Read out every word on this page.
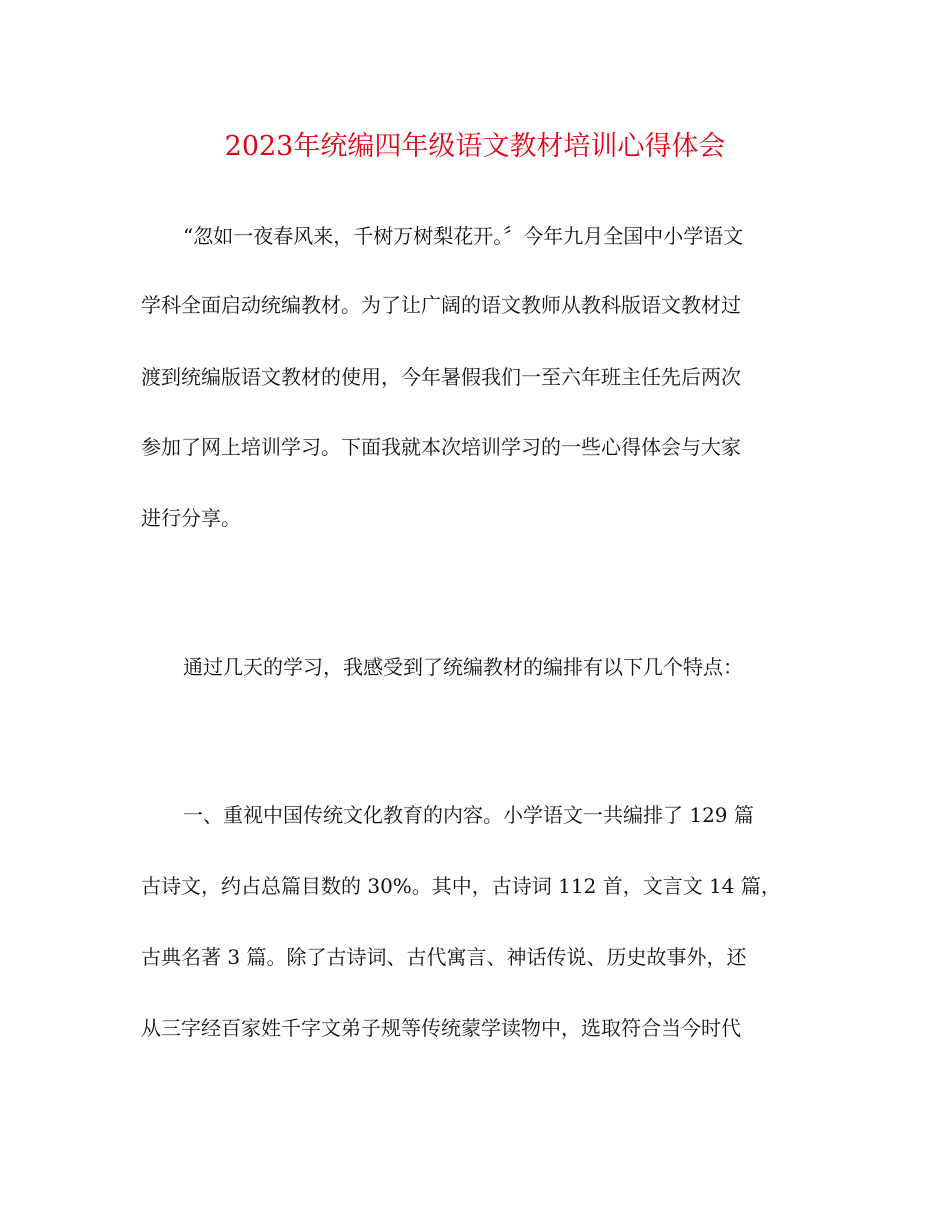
2023年统编四年级语文教材培训心得体会

“忽如一夜春风来，千树万树梨花开。〞今年九月全国中小学语文

学科全面启动统编教材。为了让广阔的语文教师从教科版语文教材过

渡到统编版语文教材的使用，今年暑假我们一至六年班主任先后两次

参加了网上培训学习。下面我就本次培训学习的一些心得体会与大家

进行分享。

通过几天的学习，我感受到了统编教材的编排有以下几个特点：

一、重视中国传统文化教育的内容。小学语文一共编排了 129 篇

古诗文，约占总篇目数的 30%。其中，古诗词 112 首，文言文 14 篇，

古典名著 3 篇。除了古诗词、古代寓言、神话传说、历史故事外，还

从三字经百家姓千字文弟子规等传统蒙学读物中，选取符合当今时代
